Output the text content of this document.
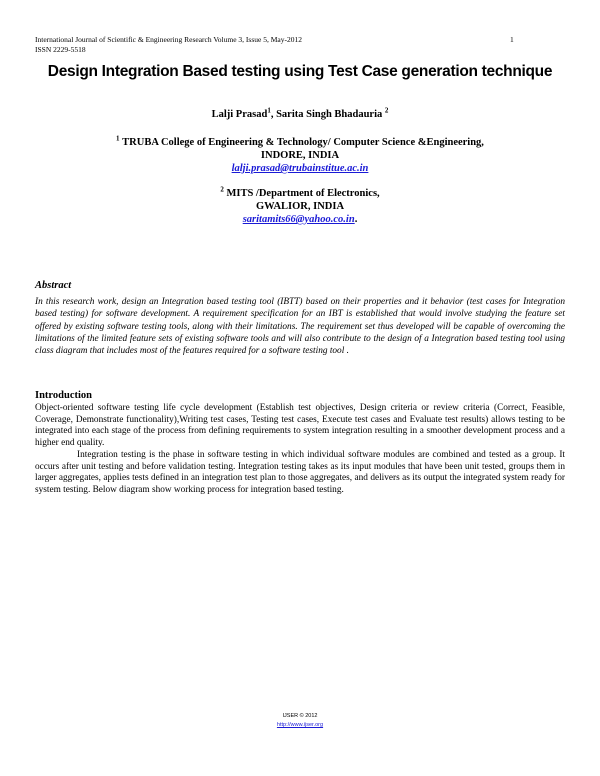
International Journal of Scientific & Engineering Research Volume 3, Issue 5, May-2012
ISSN 2229-5518
1
Design Integration Based testing using Test Case generation technique
Lalji Prasad$^1$, Sarita Singh Bhadauria $^2$
$^1$ TRUBA College of Engineering & Technology/ Computer Science &Engineering,
INDORE, INDIA
lalji.prasad@trubainstitue.ac.in
$^2$ MITS /Department of Electronics,
GWALIOR, INDIA
saritamits66@yahoo.co.in.
Abstract
In this research work, design an Integration based testing tool (IBTT) based on their properties and it behavior (test cases for Integration based testing) for software development. A requirement specification for an IBT is established that would involve studying the feature set offered by existing software testing tools, along with their limitations. The requirement set thus developed will be capable of overcoming the limitations of the limited feature sets of existing software tools and will also contribute to the design of a Integration based testing tool using class diagram that includes most of the features required for a software testing tool .
Introduction

Object-oriented software testing life cycle development (Establish test objectives, Design criteria or review criteria (Correct, Feasible, Coverage, Demonstrate functionality),Writing test cases, Testing test cases, Execute test cases and Evaluate test results) allows testing to be integrated into each stage of the process from defining requirements to system integration resulting in a smoother development process and a higher end quality.

Integration testing is the phase in software testing in which individual software modules are combined and tested as a group. It occurs after unit testing and before validation testing. Integration testing takes as its input modules that have been unit tested, groups them in larger aggregates, applies tests defined in an integration test plan to those aggregates, and delivers as its output the integrated system ready for system testing. Below diagram show working process for integration based testing.

IJSER © 2012
http://www.ijser.org
